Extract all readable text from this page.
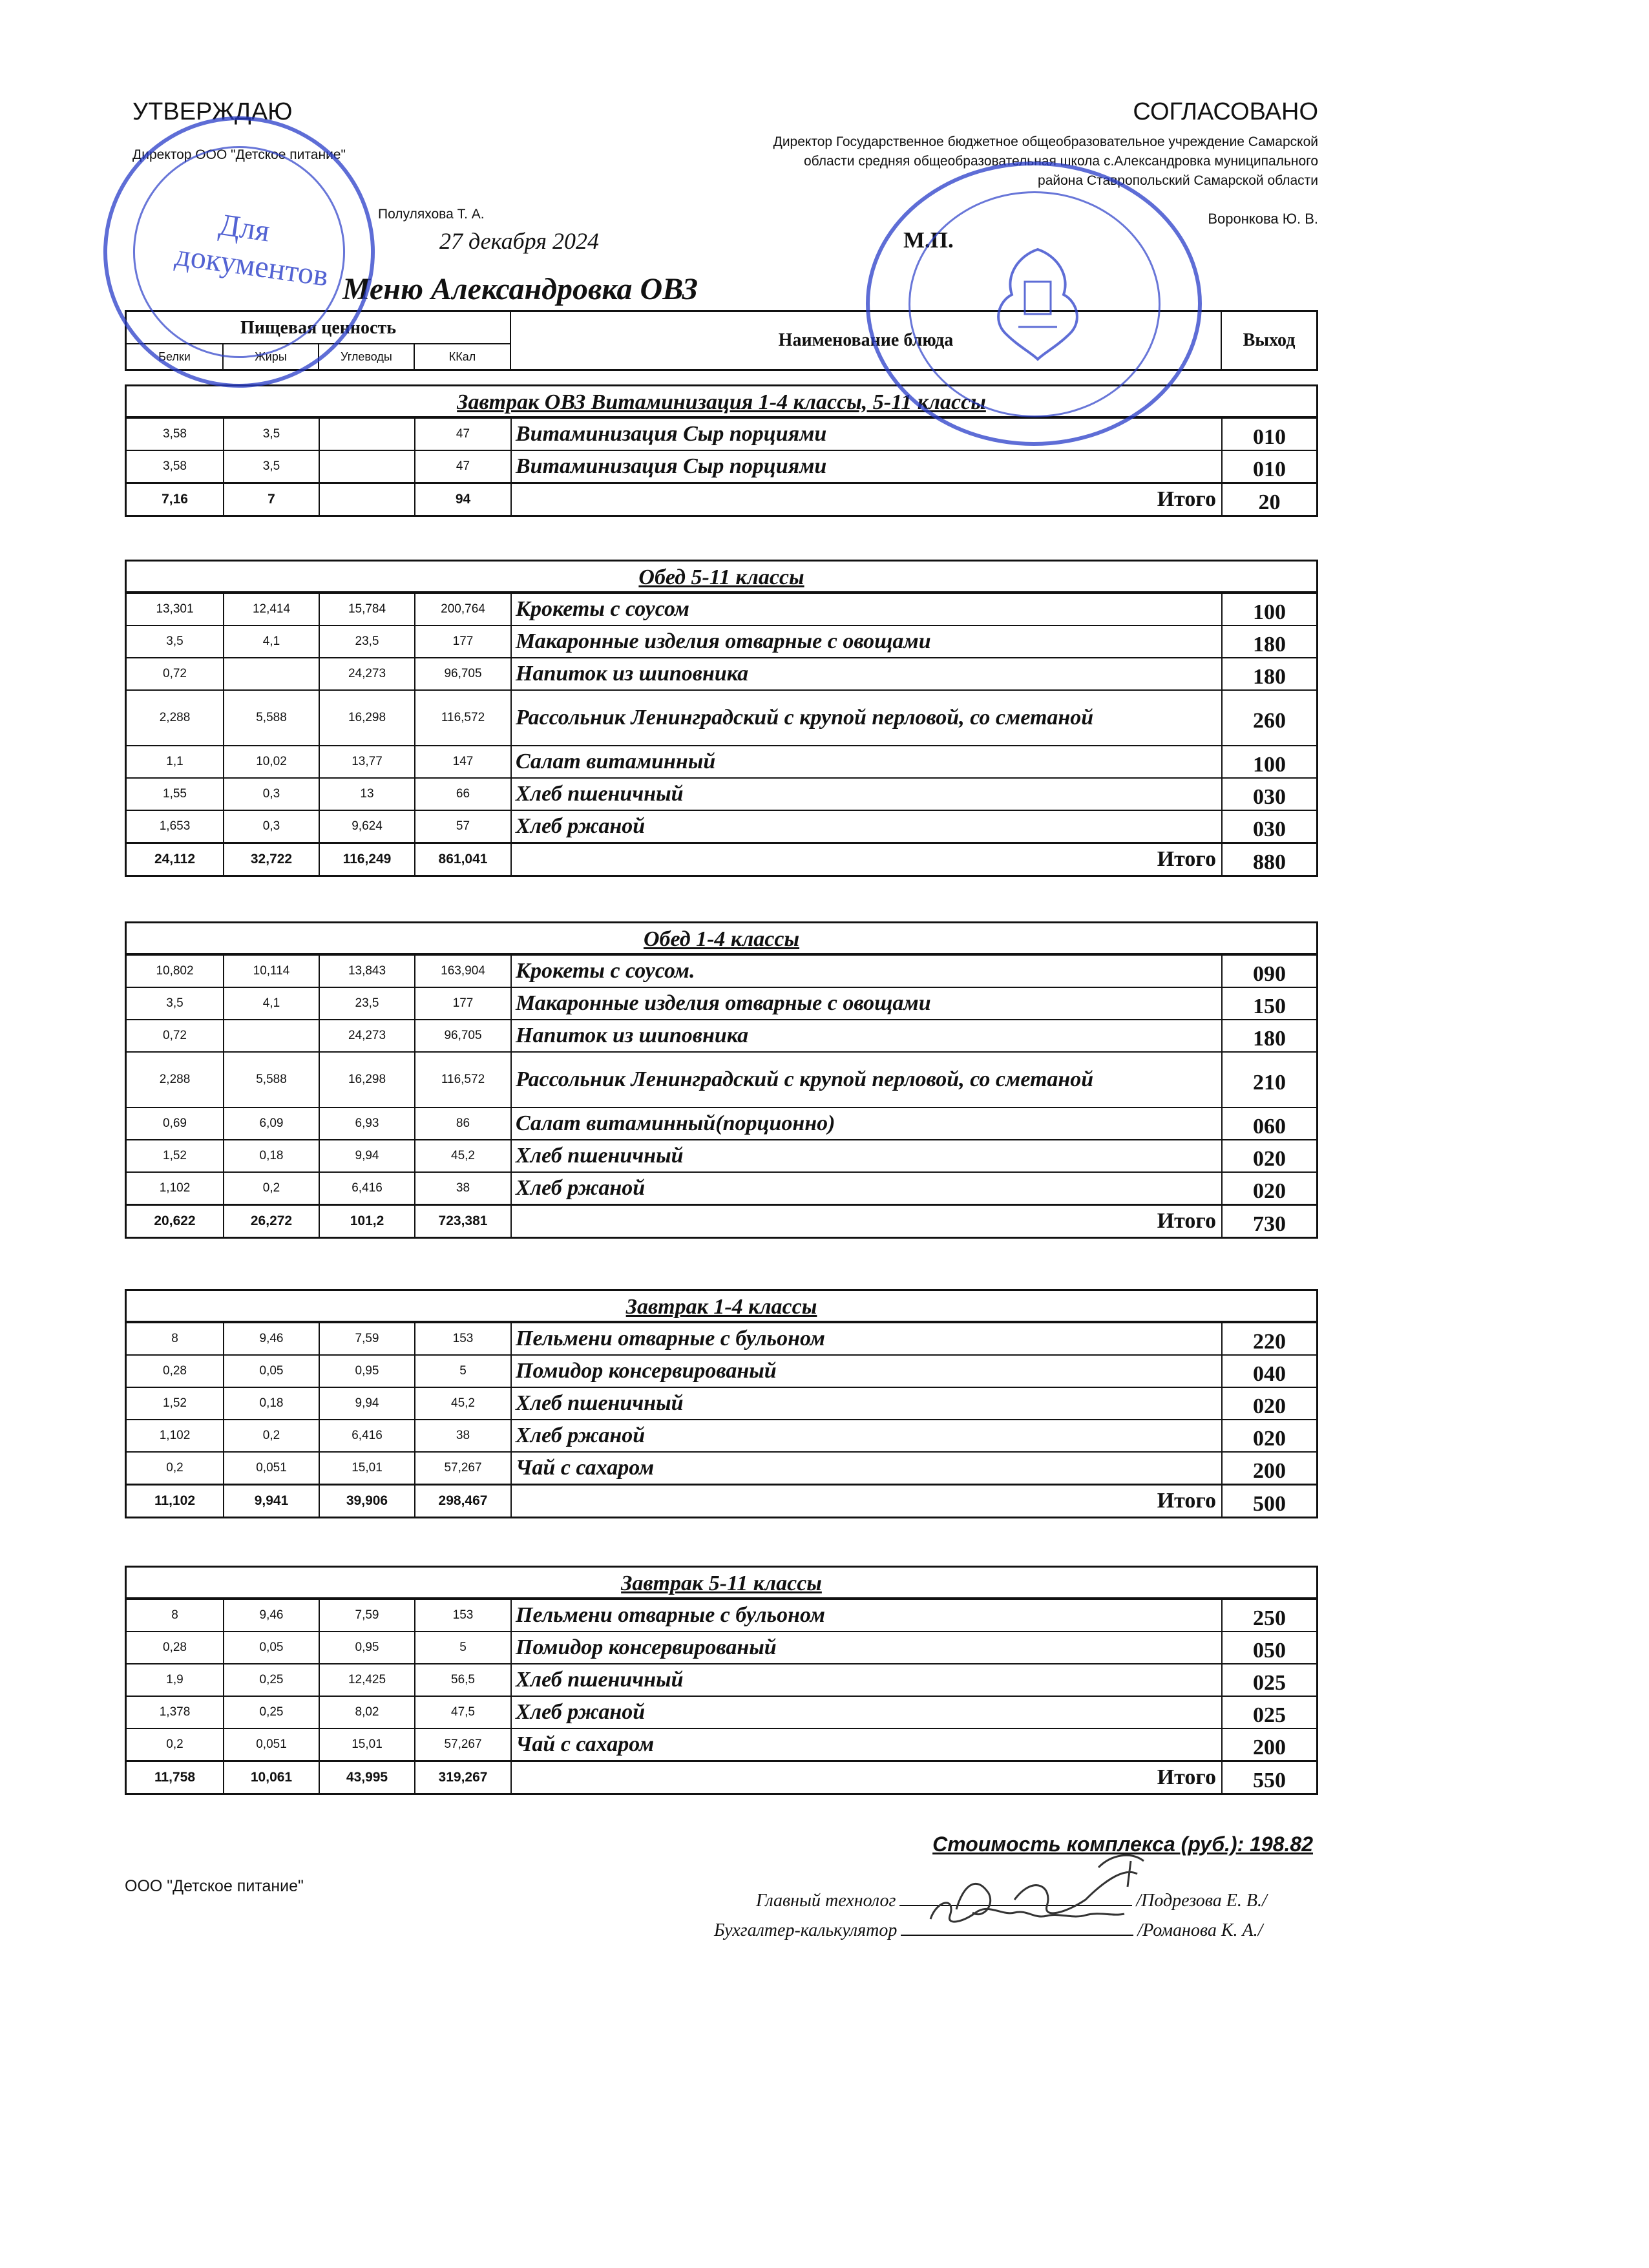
УТВЕРЖДАЮ
Директор ООО "Детское питание"
Полуляхова Т. А.
СОГЛАСОВАНО
Директор Государственное бюджетное общеобразовательное учреждение Самарской
области средняя общеобразовательная школа с.Александровка муниципального
района Ставропольский Самарской области
Воронкова Ю. В.
27 декабря 2024	М.П.
Меню Александровка ОВЗ
Пищевая ценность
Белки	Жиры	Углеводы	ККал
Наименование блюда	Выход
Завтрак ОВЗ Витаминизация 1-4 классы, 5-11 классы
3,58	3,5		47	Витаминизация Сыр порциями	010
3,58	3,5		47	Витаминизация Сыр порциями	010
7,16	7		94	Итого	20
Обед 5-11 классы
13,301	12,414	15,784	200,764	Крокеты с соусом	100
3,5	4,1	23,5	177	Макаронные изделия отварные с овощами	180
0,72		24,273	96,705	Напиток из шиповника	180
2,288	5,588	16,298	116,572	Рассольник Ленинградский с крупой перловой, со сметаной	260
1,1	10,02	13,77	147	Салат витаминный	100
1,55	0,3	13	66	Хлеб пшеничный	030
1,653	0,3	9,624	57	Хлеб ржаной	030
24,112	32,722	116,249	861,041	Итого	880
Обед 1-4 классы
10,802	10,114	13,843	163,904	Крокеты с соусом.	090
3,5	4,1	23,5	177	Макаронные изделия отварные с овощами	150
0,72		24,273	96,705	Напиток из шиповника	180
2,288	5,588	16,298	116,572	Рассольник Ленинградский с крупой перловой, со сметаной	210
0,69	6,09	6,93	86	Салат витаминный(порционно)	060
1,52	0,18	9,94	45,2	Хлеб пшеничный	020
1,102	0,2	6,416	38	Хлеб ржаной	020
20,622	26,272	101,2	723,381	Итого	730
Завтрак 1-4 классы
8	9,46	7,59	153	Пельмени отварные с бульоном	220
0,28	0,05	0,95	5	Помидор консервированый	040
1,52	0,18	9,94	45,2	Хлеб пшеничный	020
1,102	0,2	6,416	38	Хлеб ржаной	020
0,2	0,051	15,01	57,267	Чай с сахаром	200
11,102	9,941	39,906	298,467	Итого	500
Завтрак 5-11 классы
8	9,46	7,59	153	Пельмени отварные с бульоном	250
0,28	0,05	0,95	5	Помидор консервированый	050
1,9	0,25	12,425	56,5	Хлеб пшеничный	025
1,378	0,25	8,02	47,5	Хлеб ржаной	025
0,2	0,051	15,01	57,267	Чай с сахаром	200
11,758	10,061	43,995	319,267	Итого	550
Стоимость комплекса (руб.): 198.82
ООО "Детское питание"
Главный технолог	/Подрезова Е. В./
Бухгалтер-калькулятор	/Романова К. А./
Для документов
